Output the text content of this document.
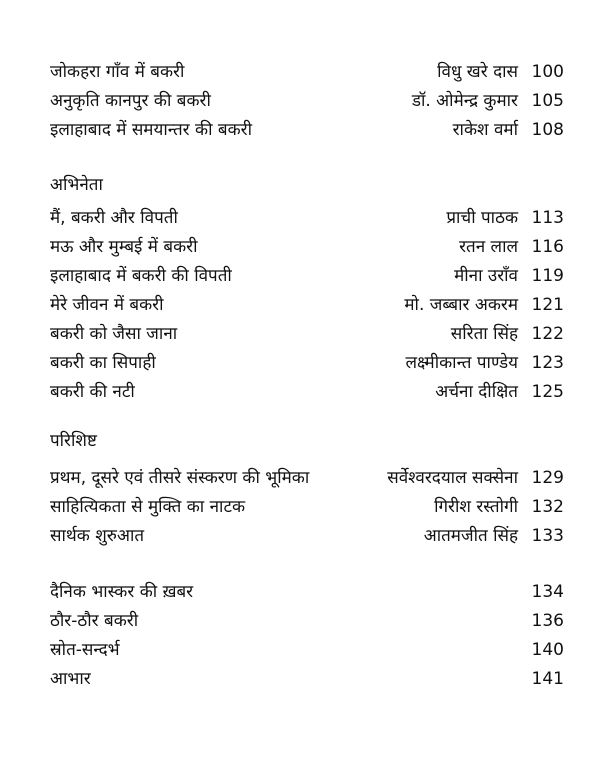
जोकहरा गाँव में बकरी	विधु खरे दास 100
अनुकृति कानपुर की बकरी	डॉ. ओमेन्द्र कुमार 105
इलाहाबाद में समयान्तर की बकरी	राकेश वर्मा 108
अभिनेता
मैं, बकरी और विपती	प्राची पाठक 113
मऊ और मुम्बई में बकरी	रतन लाल 116
इलाहाबाद में बकरी की विपती	मीना उराँव 119
मेरे जीवन में बकरी	मो. जब्बार अकरम 121
बकरी को जैसा जाना	सरिता सिंह 122
बकरी का सिपाही	लक्ष्मीकान्त पाण्डेय 123
बकरी की नटी	अर्चना दीक्षित 125
परिशिष्ट
प्रथम, दूसरे एवं तीसरे संस्करण की भूमिका	सर्वेश्वरदयाल सक्सेना 129
साहित्यिकता से मुक्ति का नाटक	गिरीश रस्तोगी 132
सार्थक शुरुआत	आतमजीत सिंह 133
दैनिक भास्कर की ख़बर	134
ठौर-ठौर बकरी	136
स्रोत-सन्दर्भ	140
आभार	141
